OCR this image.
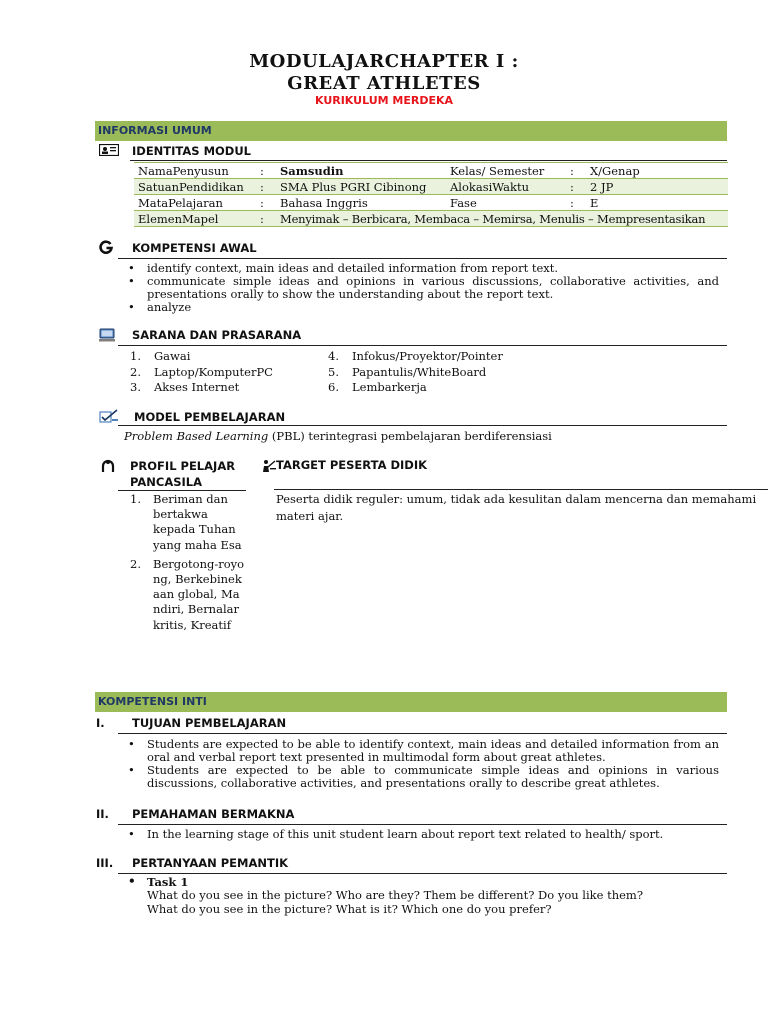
MODULAJARCHAPTER I :
GREAT ATHLETES
KURIKULUM MERDEKA
INFORMASI UMUM
IDENTITAS MODUL
NamaPenyusun	:	Samsudin	Kelas/ Semester	:	X/Genap
SatuanPendidikan	:	SMA Plus PGRI Cibinong	AlokasiWaktu	:	2 JP
MataPelajaran	:	Bahasa Inggris	Fase	:	E
ElemenMapel	:	Menyimak – Berbicara, Membaca – Memirsa, Menulis – Mempresentasikan			
KOMPETENSI AWAL
• identify context, main ideas and detailed information from report text.
• communicate simple ideas and opinions in various discussions, collaborative activities, and presentations orally to show the understanding about the report text.
• analyze
SARANA DAN PRASARANA
1. Gawai
2. Laptop/KomputerPC
3. Akses Internet
4. Infokus/Proyektor/Pointer
5. Papantulis/WhiteBoard
6. Lembarkerja
MODEL PEMBELAJARAN
Problem Based Learning (PBL) terintegrasi pembelajaran berdiferensiasi
PROFIL PELAJAR PANCASILA
1. Beriman dan bertakwa kepada Tuhan yang maha Esa
2. Bergotong-royong, Berkebinekaan global, Mandiri, Bernalarkritis, Kreatif
TARGET PESERTA DIDIK
Peserta didik reguler: umum, tidak ada kesulitan dalam mencerna dan memahami materi ajar.
KOMPETENSI INTI
I. TUJUAN PEMBELAJARAN
• Students are expected to be able to identify context, main ideas and detailed information from an oral and verbal report text presented in multimodal form about great athletes.
• Students are expected to be able to communicate simple ideas and opinions in various discussions, collaborative activities, and presentations orally to describe great athletes.
II. PEMAHAMAN BERMAKNA
• In the learning stage of this unit student learn about report text related to health/ sport.
III. PERTANYAAN PEMANTIK
• Task 1
What do you see in the picture? Who are they? Them be different? Do you like them?
What do you see in the picture? What is it? Which one do you prefer?
